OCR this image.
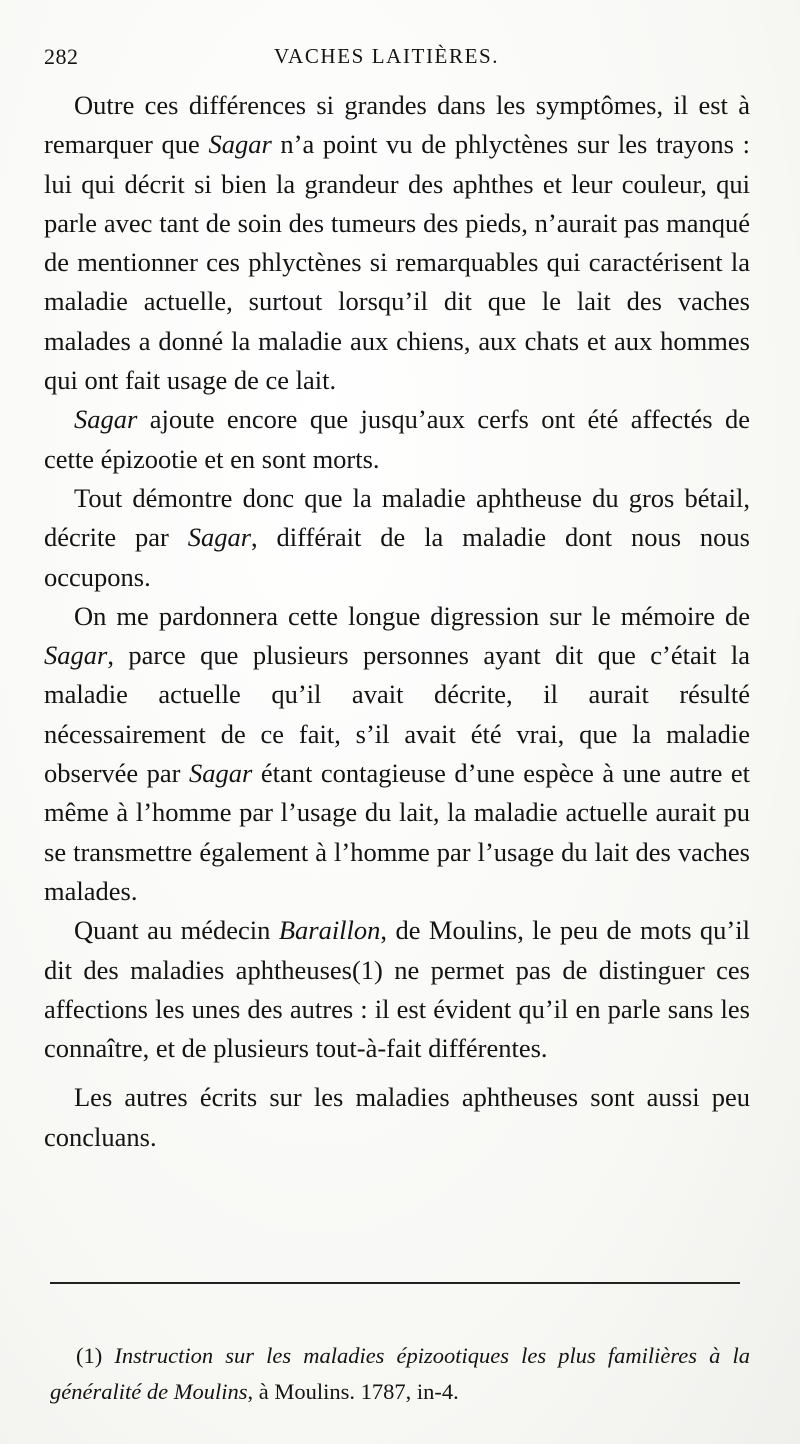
282	VACHES LAITIÈRES.

Outre ces différences si grandes dans les symptômes, il est à remarquer que Sagar n’a point vu de phlyctènes sur les trayons : lui qui décrit si bien la grandeur des aphthes et leur couleur, qui parle avec tant de soin des tumeurs des pieds, n’aurait pas manqué de mentionner ces phlyctènes si remarquables qui caractérisent la maladie actuelle, surtout lorsqu’il dit que le lait des vaches malades a donné la maladie aux chiens, aux chats et aux hommes qui ont fait usage de ce lait.

Sagar ajoute encore que jusqu’aux cerfs ont été affectés de cette épizootie et en sont morts.

Tout démontre donc que la maladie aphtheuse du gros bétail, décrite par Sagar, différait de la maladie dont nous nous occupons.

On me pardonnera cette longue digression sur le mémoire de Sagar, parce que plusieurs personnes ayant dit que c’était la maladie actuelle qu’il avait décrite, il aurait résulté nécessairement de ce fait, s’il avait été vrai, que la maladie observée par Sagar étant contagieuse d’une espèce à une autre et même à l’homme par l’usage du lait, la maladie actuelle aurait pu se transmettre également à l’homme par l’usage du lait des vaches malades.

Quant au médecin Baraillon, de Moulins, le peu de mots qu’il dit des maladies aphtheuses(1) ne permet pas de distinguer ces affections les unes des autres : il est évident qu’il en parle sans les connaître, et de plusieurs tout-à-fait différentes.

Les autres écrits sur les maladies aphtheuses sont aussi peu concluans.

(1) Instruction sur les maladies épizootiques les plus familières à la généralité de Moulins, à Moulins. 1787, in-4.
